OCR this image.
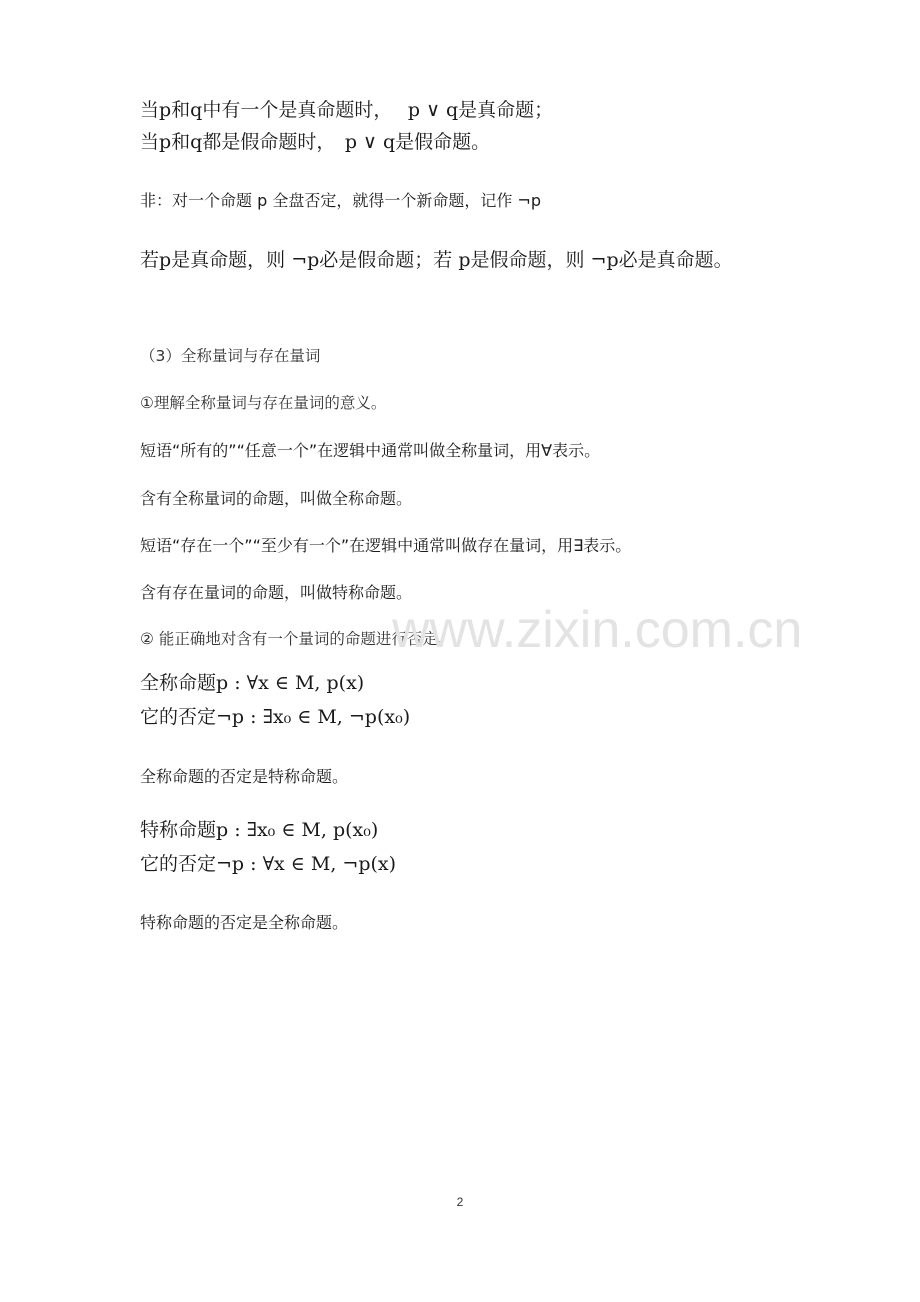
当p和q中有一个是真命题时，　 p ∨ q是真命题；
当p和q都是假命题时，　p ∨ q是假命题。
非：对一个命题 p 全盘否定，就得一个新命题，记作 ¬p
若p是真命题，则 ¬p必是假命题；若 p是假命题，则 ¬p必是真命题。
（3）全称量词与存在量词
①理解全称量词与存在量词的意义。
短语“所有的”“任意一个”在逻辑中通常叫做全称量词，用∀表示。
含有全称量词的命题，叫做全称命题。
短语“存在一个”“至少有一个”在逻辑中通常叫做存在量词，用∃表示。
含有存在量词的命题，叫做特称命题。
② 能正确地对含有一个量词的命题进行否定。
全称命题p : ∀x ∈ M, p(x)
它的否定¬p : ∃x₀ ∈ M, ¬p(x₀)
全称命题的否定是特称命题。
特称命题p : ∃x₀ ∈ M, p(x₀)
它的否定¬p : ∀x ∈ M, ¬p(x)
特称命题的否定是全称命题。
www.zixin.com.cn
2
